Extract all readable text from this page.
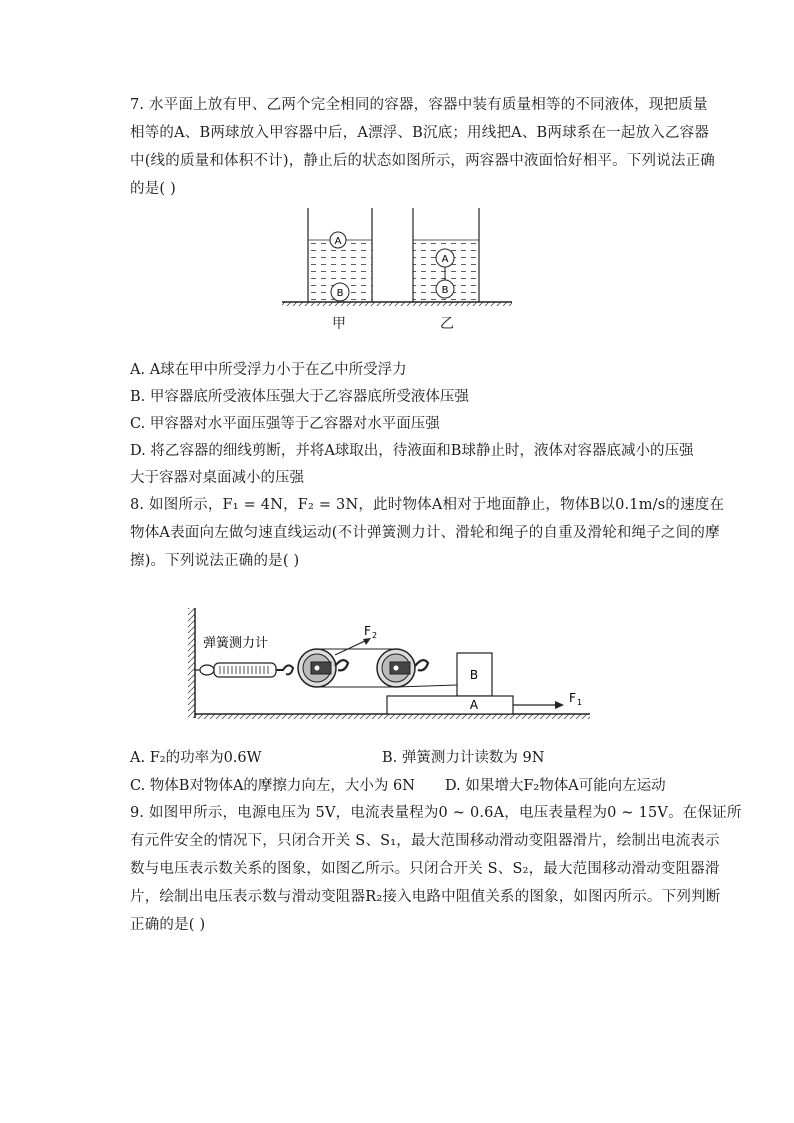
7. 水平面上放有甲、乙两个完全相同的容器，容器中装有质量相等的不同液体，现把质量
相等的A、B两球放入甲容器中后，A漂浮、B沉底；用线把A、B两球系在一起放入乙容器
中(线的质量和体积不计)，静止后的状态如图所示，两容器中液面恰好相平。下列说法正确
的是( )
A
B
A
B
甲	乙
A. A球在甲中所受浮力小于在乙中所受浮力
B. 甲容器底所受液体压强大于乙容器底所受液体压强
C. 甲容器对水平面压强等于乙容器对水平面压强
D. 将乙容器的细线剪断，并将A球取出，待液面和B球静止时，液体对容器底减小的压强
大于容器对桌面减小的压强
8. 如图所示，F₁ = 4N，F₂ = 3N，此时物体A相对于地面静止，物体B以0.1m/s的速度在
物体A表面向左做匀速直线运动(不计弹簧测力计、滑轮和绳子的自重及滑轮和绳子之间的摩
擦)。下列说法正确的是( )
弹簧测力计
F 2
B
A	F 1
A. F₂的功率为0.6W	B. 弹簧测力计读数为 9N
C. 物体B对物体A的摩擦力向左，大小为 6N D. 如果增大F₂物体A可能向左运动
9. 如图甲所示，电源电压为 5V，电流表量程为0 ~ 0.6A，电压表量程为0 ~ 15V。在保证所
有元件安全的情况下，只闭合开关 S、S₁，最大范围移动滑动变阻器滑片，绘制出电流表示
数与电压表示数关系的图象，如图乙所示。只闭合开关 S、S₂，最大范围移动滑动变阻器滑
片，绘制出电压表示数与滑动变阻器R₂接入电路中阻值关系的图象，如图丙所示。下列判断
正确的是( )
